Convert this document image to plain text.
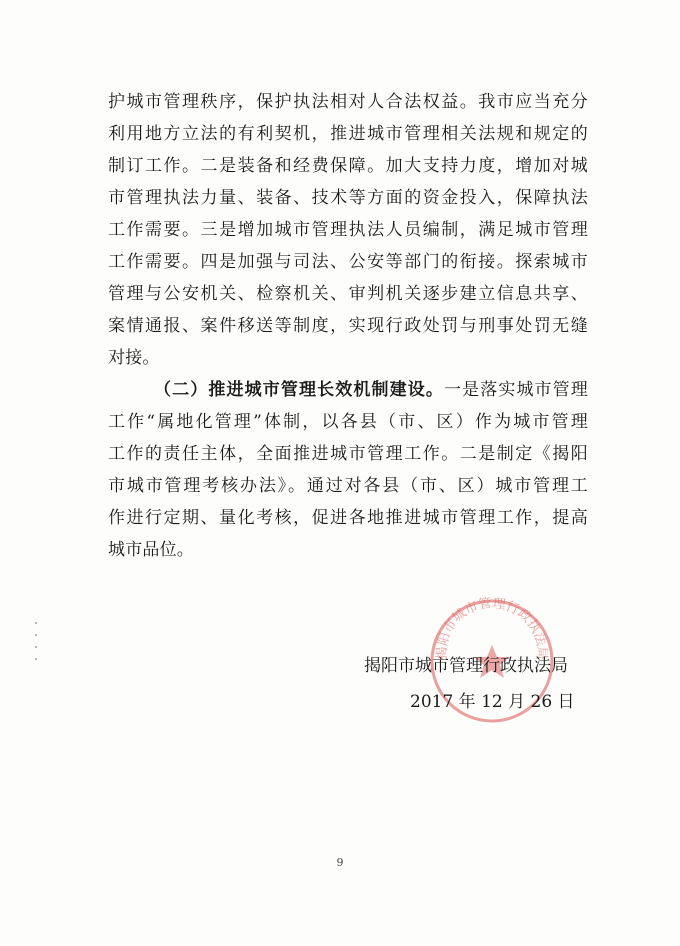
护城市管理秩序，保护执法相对人合法权益。我市应当充分
利用地方立法的有利契机，推进城市管理相关法规和规定的
制订工作。二是装备和经费保障。加大支持力度，增加对城
市管理执法力量、装备、技术等方面的资金投入，保障执法
工作需要。三是增加城市管理执法人员编制，满足城市管理
工作需要。四是加强与司法、公安等部门的衔接。探索城市
管理与公安机关、检察机关、审判机关逐步建立信息共享、
案情通报、案件移送等制度，实现行政处罚与刑事处罚无缝
对接。
（二）推进城市管理长效机制建设。一是落实城市管理
工作“属地化管理”体制，以各县（市、区）作为城市管理
工作的责任主体，全面推进城市管理工作。二是制定《揭阳
市城市管理考核办法》。通过对各县（市、区）城市管理工
作进行定期、量化考核，促进各地推进城市管理工作，提高
城市品位。
揭阳市城市管理行政执法局
揭阳市城市管理行政执法局
2017 年 12 月 26 日
9
